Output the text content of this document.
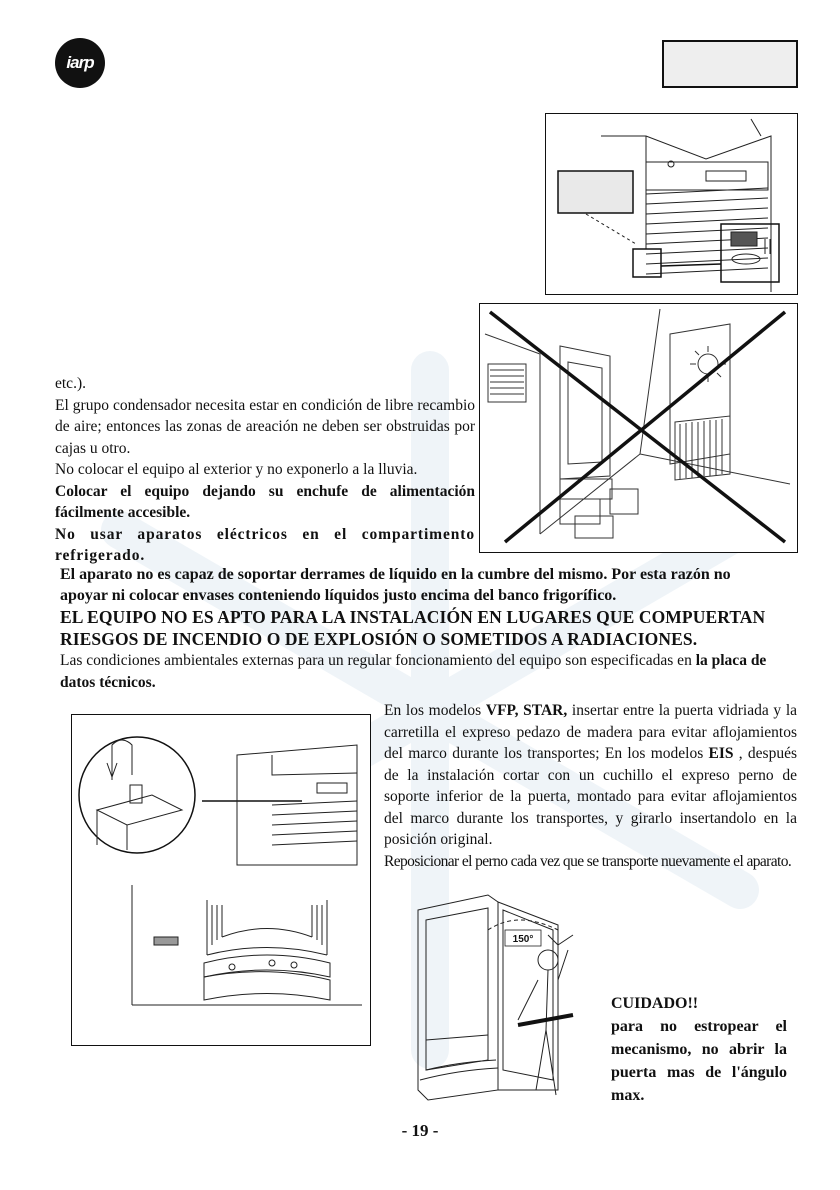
iarp
etc.).
El grupo condensador necesita estar en condición de libre recambio de aire; entonces las zonas de areación ne deben ser obstruidas por cajas u otro.
No colocar el equipo al exterior y no exponerlo a la lluvia.
Colocar el equipo dejando su enchufe de alimentación fácilmente accesible.
No usar aparatos eléctricos en el compartimento refrigerado.
El aparato no es capaz de soportar derrames de líquido en la cumbre del mismo. Por esta razón no apoyar ni colocar envases conteniendo líquidos justo encima del banco frigorífico.
EL EQUIPO NO ES APTO PARA LA INSTALACIÓN EN LUGARES QUE COMPUERTAN RIESGOS DE INCENDIO O DE EXPLOSIÓN O SOMETIDOS A RADIACIONES.
Las condiciones ambientales externas para un regular foncionamiento del equipo son especificadas en la placa de datos técnicos.
En los modelos VFP, STAR, insertar entre la puerta vidriada y la carretilla el expreso pedazo de madera para evitar aflojamientos del marco durante los transportes; En los modelos EIS , después de la instalación cortar con un cuchillo el expreso perno de soporte inferior de la puerta, montado para evitar aflojamientos del marco durante los transportes, y girarlo insertandolo en la posición original.
Reposicionar el perno cada vez que se transporte nuevamente el aparato.
150°
CUIDADO!!
para no estropear el mecanismo, no abrir la puerta mas de l'ángulo max.
- 19 -
